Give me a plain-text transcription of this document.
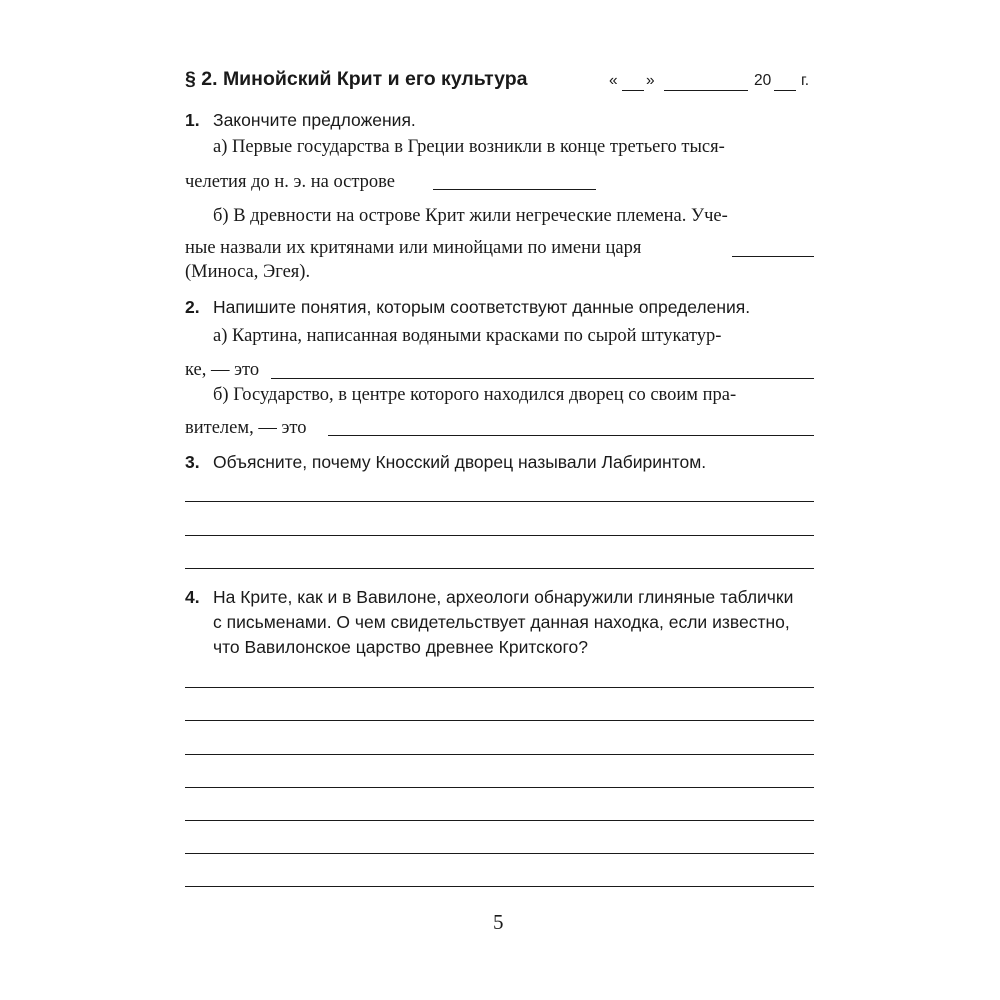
§ 2. Минойский Крит и его культура	« »	20 г.
1. Закончите предложения.
а) Первые государства в Греции возникли в конце третьего тыся-
челетия до н. э. на острове
б) В древности на острове Крит жили негреческие племена. Уче-
ные назвали их критянами или минойцами по имени царя
(Миноса, Эгея).
2. Напишите понятия, которым соответствуют данные определения.
а) Картина, написанная водяными красками по сырой штукатур-
ке, — это
б) Государство, в центре которого находился дворец со своим пра-
вителем, — это
3. Объясните, почему Кносский дворец называли Лабиринтом.
4. На Крите, как и в Вавилоне, археологи обнаружили глиняные таблички
с письменами. О чем свидетельствует данная находка, если известно,
что Вавилонское царство древнее Критского?
5
